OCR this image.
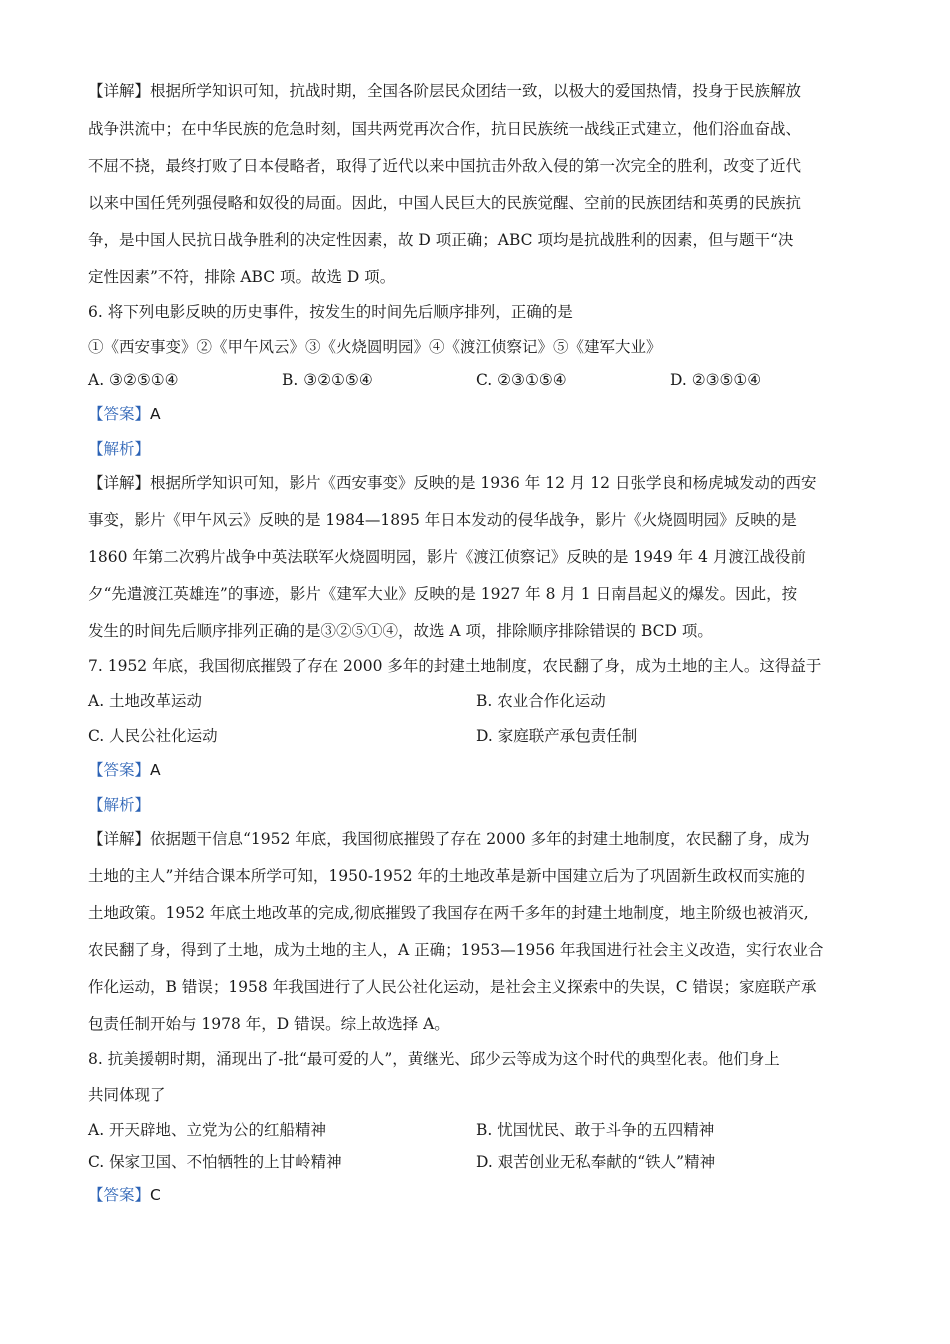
【详解】根据所学知识可知，抗战时期，全国各阶层民众团结一致，以极大的爱国热情，投身于民族解放
战争洪流中；在中华民族的危急时刻，国共两党再次合作，抗日民族统一战线正式建立，他们浴血奋战、
不屈不挠，最终打败了日本侵略者，取得了近代以来中国抗击外敌入侵的第一次完全的胜利，改变了近代
以来中国任凭列强侵略和奴役的局面。因此，中国人民巨大的民族觉醒、空前的民族团结和英勇的民族抗
争，是中国人民抗日战争胜利的决定性因素，故 D 项正确；ABC 项均是抗战胜利的因素，但与题干“决
定性因素”不符，排除 ABC 项。故选 D 项。
6. 将下列电影反映的历史事件，按发生的时间先后顺序排列，正确的是
①《西安事变》②《甲午风云》③《火烧圆明园》④《渡江侦察记》⑤《建军大业》
A. ③②⑤①④	B. ③②①⑤④	C. ②③①⑤④	D. ②③⑤①④
【答案】A
【解析】
【详解】根据所学知识可知，影片《西安事变》反映的是 1936 年 12 月 12 日张学良和杨虎城发动的西安
事变，影片《甲午风云》反映的是 1984—1895 年日本发动的侵华战争，影片《火烧圆明园》反映的是
1860 年第二次鸦片战争中英法联军火烧圆明园，影片《渡江侦察记》反映的是 1949 年 4 月渡江战役前
夕“先遣渡江英雄连”的事迹，影片《建军大业》反映的是 1927 年 8 月 1 日南昌起义的爆发。因此，按
发生的时间先后顺序排列正确的是③②⑤①④，故选 A 项，排除顺序排除错误的 BCD 项。
7. 1952 年底，我国彻底摧毁了存在 2000 多年的封建土地制度，农民翻了身，成为土地的主人。这得益于
A. 土地改革运动	B. 农业合作化运动
C. 人民公社化运动	D. 家庭联产承包责任制
【答案】A
【解析】
【详解】依据题干信息“1952 年底，我国彻底摧毁了存在 2000 多年的封建土地制度，农民翻了身，成为
土地的主人”并结合课本所学可知，1950-1952 年的土地改革是新中国建立后为了巩固新生政权而实施的
土地政策。1952 年底土地改革的完成,彻底摧毁了我国存在两千多年的封建土地制度，地主阶级也被消灭,
农民翻了身，得到了土地，成为土地的主人，A 正确；1953—1956 年我国进行社会主义改造，实行农业合
作化运动，B 错误；1958 年我国进行了人民公社化运动，是社会主义探索中的失误，C 错误；家庭联产承
包责任制开始与 1978 年，D 错误。综上故选择 A。
8. 抗美援朝时期，涌现出了-批“最可爱的人”，黄继光、邱少云等成为这个时代的典型化表。他们身上
共同体现了
A. 开天辟地、立党为公的红船精神	B. 忧国忧民、敢于斗争的五四精神
C. 保家卫国、不怕牺牲的上甘岭精神	D. 艰苦创业无私奉献的“铁人”精神
【答案】C
